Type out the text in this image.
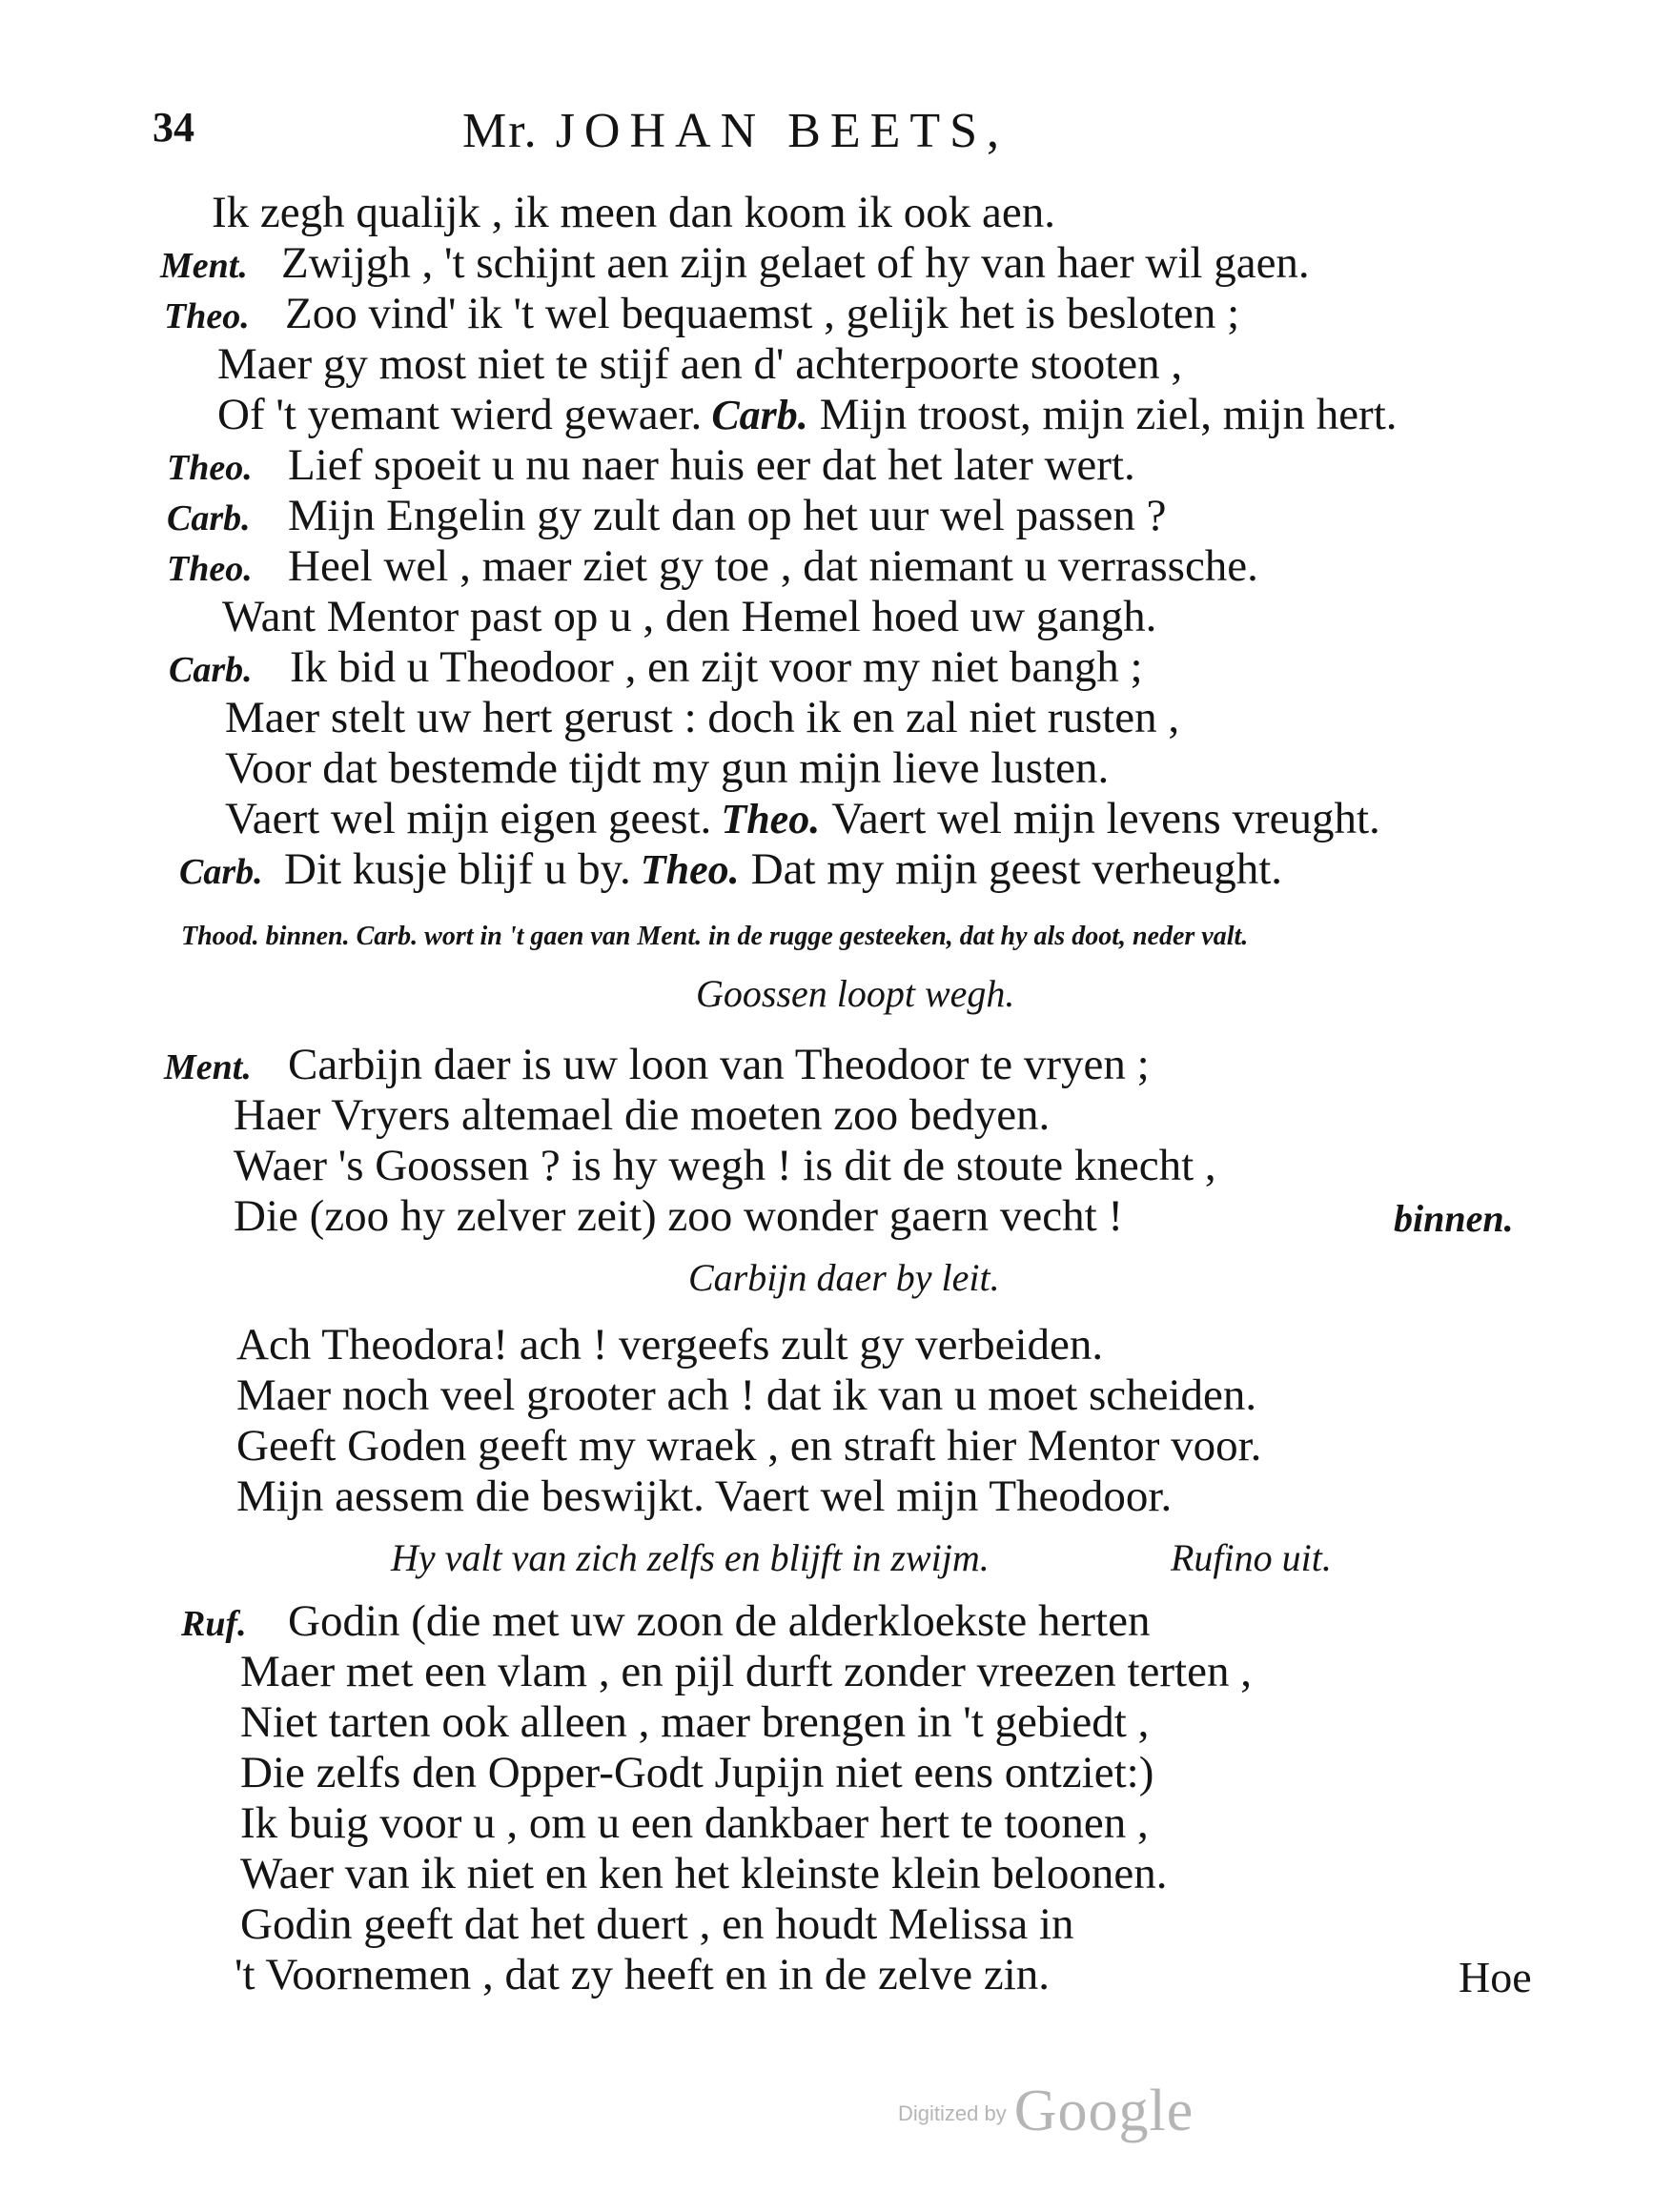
34	Mr. JOHAN BEETS,
Ik zegh qualijk , ik meen dan koom ik ook aen.
Ment. Zwijgh , 't schijnt aen zijn gelaet of hy van haer wil gaen.
Theo. Zoo vind' ik 't wel bequaemst , gelijk het is besloten ;
Maer gy most niet te stijf aen d' achterpoorte stooten ,
Of 't yemant wierd gewaer. Carb. Mijn troost, mijn ziel, mijn hert.
Theo. Lief spoeit u nu naer huis eer dat het later wert.
Carb. Mijn Engelin gy zult dan op het uur wel passen ?
Theo. Heel wel , maer ziet gy toe , dat niemant u verrassche.
Want Mentor past op u , den Hemel hoed uw gangh.
Carb. Ik bid u Theodoor , en zijt voor my niet bangh ;
Maer stelt uw hert gerust : doch ik en zal niet rusten ,
Voor dat bestemde tijdt my gun mijn lieve lusten.
Vaert wel mijn eigen geest. Theo. Vaert wel mijn levens vreught.
Carb. Dit kusje blijf u by. Theo. Dat my mijn geest verheught.
Thood. binnen. Carb. wort in 't gaen van Ment. in de rugge gesteeken, dat hy als doot, neder valt.
Goossen loopt wegh.
Ment. Carbijn daer is uw loon van Theodoor te vryen ;
Haer Vryers altemael die moeten zoo bedyen.
Waer 's Goossen ? is hy wegh ! is dit de stoute knecht ,
Die (zoo hy zelver zeit) zoo wonder gaern vecht !	binnen.
Carbijn daer by leit.
Ach Theodora! ach ! vergeefs zult gy verbeiden.
Maer noch veel grooter ach ! dat ik van u moet scheiden.
Geeft Goden geeft my wraek , en straft hier Mentor voor.
Mijn aessem die beswijkt. Vaert wel mijn Theodoor.
Hy valt van zich zelfs en blijft in zwijm.	Rufino uit.
Ruf. Godin (die met uw zoon de alderkloekste herten
Maer met een vlam , en pijl durft zonder vreezen terten ,
Niet tarten ook alleen , maer brengen in 't gebiedt ,
Die zelfs den Opper-Godt Jupijn niet eens ontziet:)
Ik buig voor u , om u een dankbaer hert te toonen ,
Waer van ik niet en ken het kleinste klein beloonen.
Godin geeft dat het duert , en houdt Melissa in
't Voornemen , dat zy heeft en in de zelve zin.	Hoe
Digitized by Google
